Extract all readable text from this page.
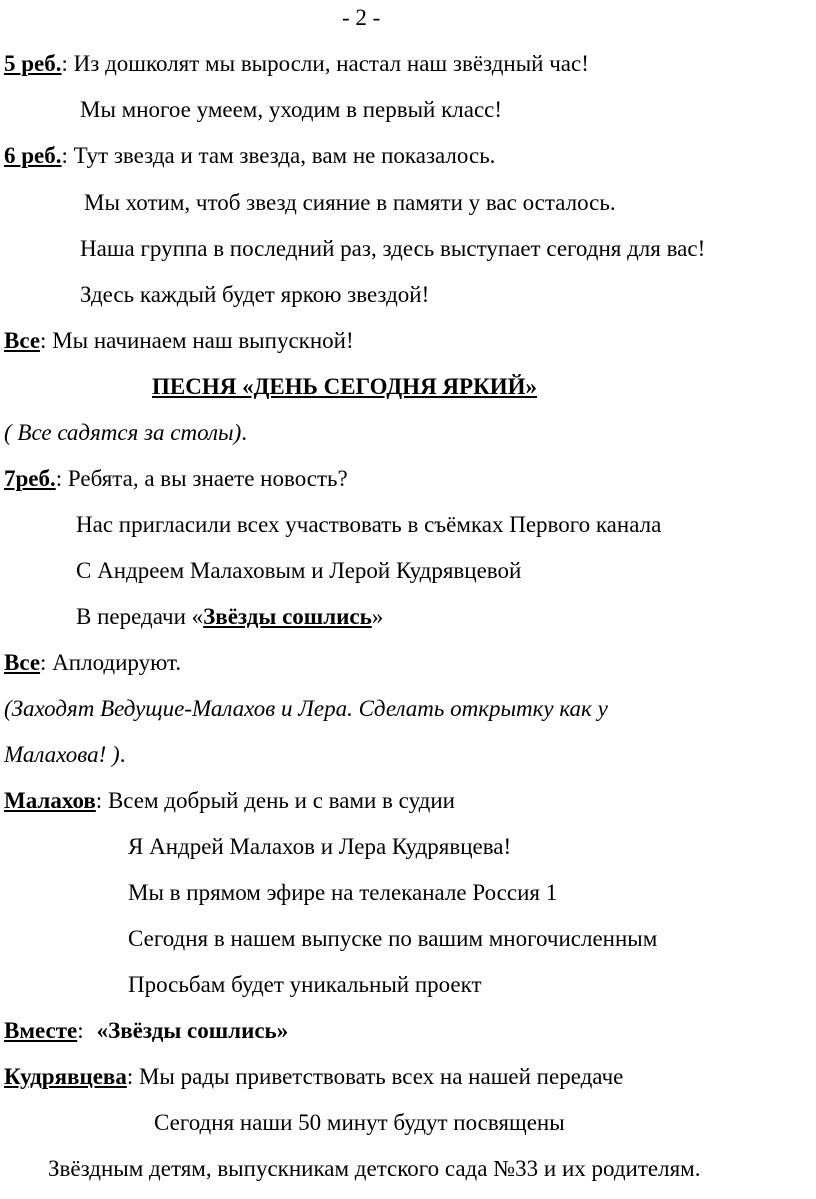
- 2 -
5 реб.: Из дошколят мы выросли, настал наш звёздный час!
Мы многое умеем, уходим в первый класс!
6 реб.: Тут звезда и там звезда, вам не показалось.
Мы хотим, чтоб звезд сияние в памяти у вас осталось.
Наша группа в последний раз, здесь выступает сегодня для вас!
Здесь каждый будет яркою звездой!
Все: Мы начинаем наш выпускной!
ПЕСНЯ «ДЕНЬ СЕГОДНЯ ЯРКИЙ»
( Все садятся за столы).
7реб.: Ребята, а вы знаете новость?
Нас пригласили всех участвовать в съёмках Первого канала
С Андреем Малаховым и Лерой Кудрявцевой
В передачи «Звёзды сошлись»
Все: Аплодируют.
(Заходят Ведущие-Малахов и Лера. Сделать открытку как у
Малахова! ).
Малахов: Всем добрый день и с вами в судии
Я Андрей Малахов и Лера Кудрявцева!
Мы в прямом эфире на телеканале Россия 1
Сегодня в нашем выпуске по вашим многочисленным
Просьбам будет уникальный проект
Вместе: «Звёзды сошлись»
Кудрявцева: Мы рады приветствовать всех на нашей передаче
Сегодня наши 50 минут будут посвящены
Звёздным детям, выпускникам детского сада №33 и их родителям.
